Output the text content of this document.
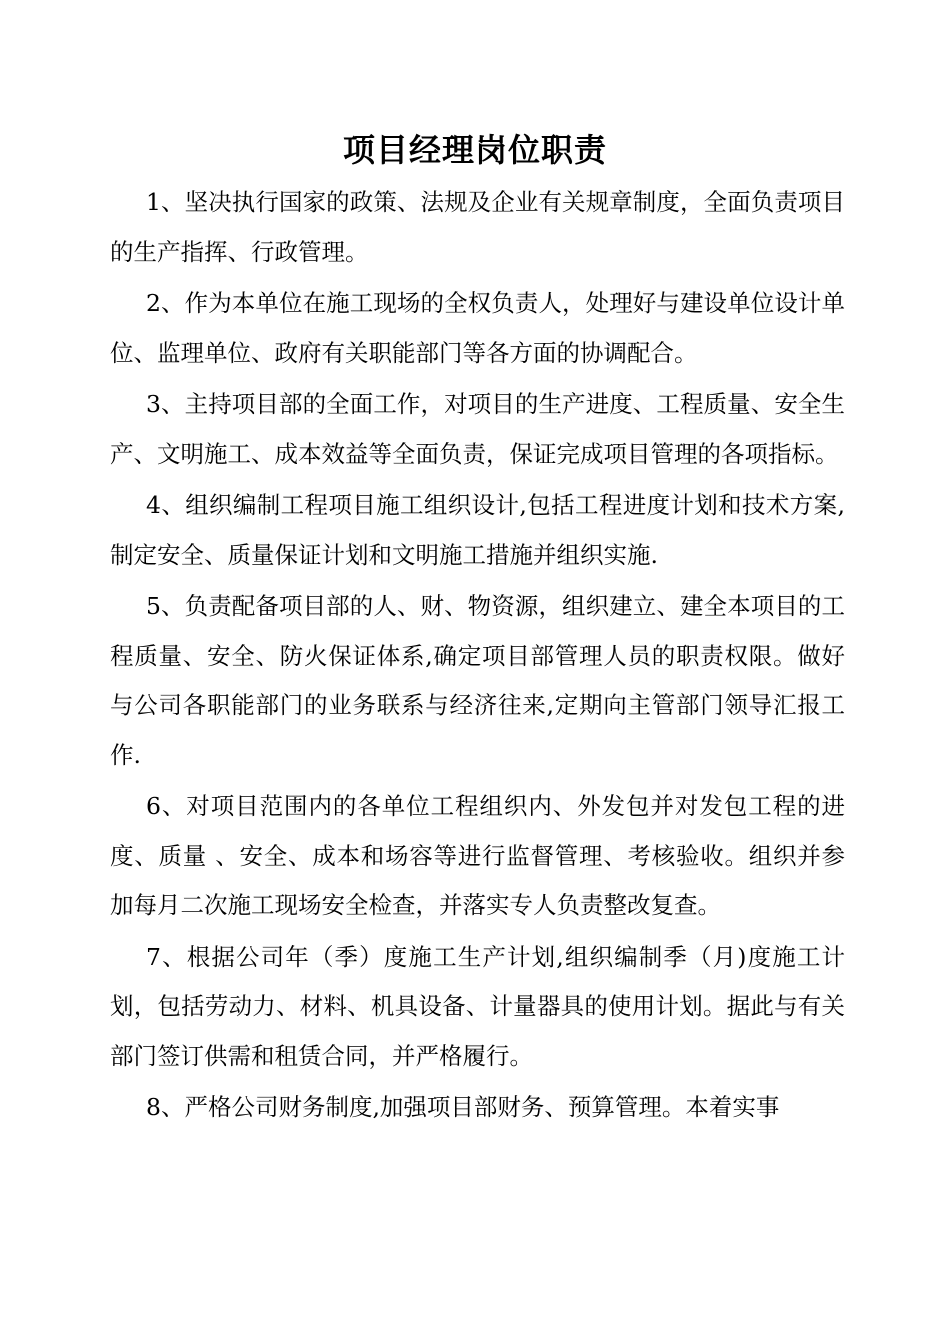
项目经理岗位职责

1、坚决执行国家的政策、法规及企业有关规章制度，全面负责项目的生产指挥、行政管理。

2、作为本单位在施工现场的全权负责人，处理好与建设单位设计单位、监理单位、政府有关职能部门等各方面的协调配合。

3、主持项目部的全面工作，对项目的生产进度、工程质量、安全生产、文明施工、成本效益等全面负责，保证完成项目管理的各项指标。

4、组织编制工程项目施工组织设计,包括工程进度计划和技术方案,制定安全、质量保证计划和文明施工措施并组织实施.

5、负责配备项目部的人、财、物资源，组织建立、建全本项目的工程质量、安全、防火保证体系,确定项目部管理人员的职责权限。做好与公司各职能部门的业务联系与经济往来,定期向主管部门领导汇报工作.

6、对项目范围内的各单位工程组织内、外发包并对发包工程的进度、质量 、安全、成本和场容等进行监督管理、考核验收。组织并参加每月二次施工现场安全检查，并落实专人负责整改复查。

7、根据公司年（季）度施工生产计划,组织编制季（月)度施工计划，包括劳动力、材料、机具设备、计量器具的使用计划。据此与有关部门签订供需和租赁合同，并严格履行。

8、严格公司财务制度,加强项目部财务、预算管理。本着实事
